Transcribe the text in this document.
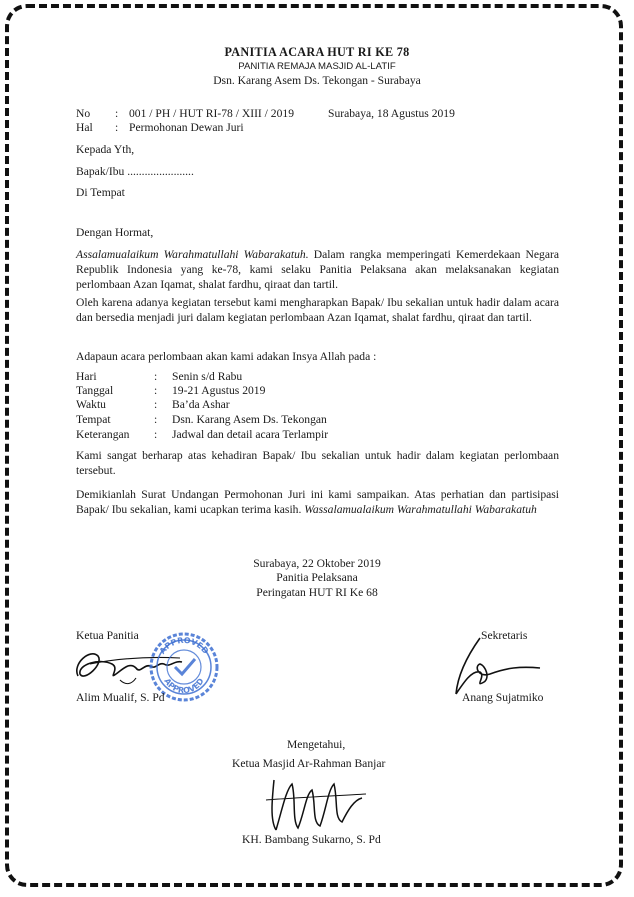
PANITIA ACARA HUT RI KE 78
PANITIA REMAJA MASJID AL-LATIF
Dsn. Karang Asem Ds. Tekongan - Surabaya
No : 001 / PH / HUT RI-78 / XIII / 2019	Surabaya, 18 Agustus 2019
Hal : Permohonan Dewan Juri
Kepada Yth,
Bapak/Ibu .......................
Di Tempat
Dengan Hormat,
Assalamualaikum Warahmatullahi Wabarakatuh. Dalam rangka memperingati Kemerdekaan Negara Republik Indonesia yang ke-78, kami selaku Panitia Pelaksana akan melaksanakan kegiatan perlombaan Azan Iqamat, shalat fardhu, qiraat dan tartil.
Oleh karena adanya kegiatan tersebut kami mengharapkan Bapak/ Ibu sekalian untuk hadir dalam acara dan bersedia menjadi juri dalam kegiatan perlombaan Azan Iqamat, shalat fardhu, qiraat dan tartil.
Adapaun acara perlombaan akan kami adakan Insya Allah pada :
Hari	: Senin s/d Rabu
Tanggal	: 19-21 Agustus 2019
Waktu	: Ba’da Ashar
Tempat	: Dsn. Karang Asem Ds. Tekongan
Keterangan : Jadwal dan detail acara Terlampir
Kami sangat berharap atas kehadiran Bapak/ Ibu sekalian untuk hadir dalam kegiatan perlombaan tersebut.
Demikianlah Surat Undangan Permohonan Juri ini kami sampaikan. Atas perhatian dan partisipasi Bapak/ Ibu sekalian, kami ucapkan terima kasih. Wassalamualaikum Warahmatullahi Wabarakatuh
Surabaya, 22 Oktober 2019
Panitia Pelaksana
Peringatan HUT RI Ke 68
Ketua Panitia
APPROVED
APPROVED
Alim Mualif, S. Pd
Sekretaris
Anang Sujatmiko
Mengetahui,
Ketua Masjid Ar-Rahman Banjar
KH. Bambang Sukarno, S. Pd
